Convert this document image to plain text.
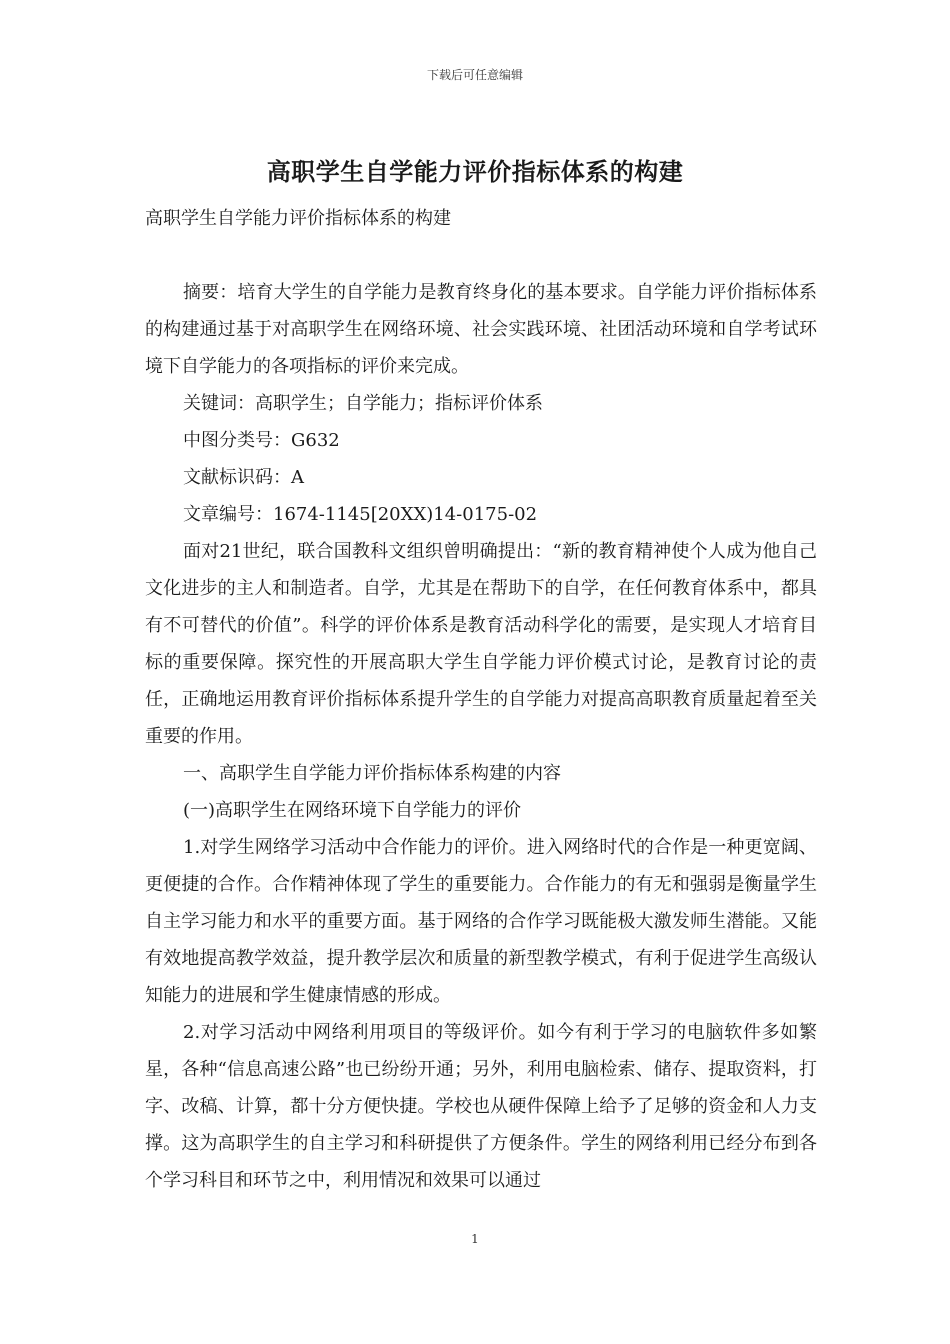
下载后可任意编辑
高职学生自学能力评价指标体系的构建

高职学生自学能力评价指标体系的构建

摘要：培育大学生的自学能力是教育终身化的基本要求。自学能力评价指标体系的构建通过基于对高职学生在网络环境、社会实践环境、社团活动环境和自学考试环境下自学能力的各项指标的评价来完成。

关键词：高职学生；自学能力；指标评价体系

中图分类号：G632

文献标识码：A

文章编号：1674-1145[20XX)14-0175-02

面对21世纪，联合国教科文组织曾明确提出：“新的教育精神使个人成为他自己文化进步的主人和制造者。自学，尤其是在帮助下的自学，在任何教育体系中，都具有不可替代的价值”。科学的评价体系是教育活动科学化的需要，是实现人才培育目标的重要保障。探究性的开展高职大学生自学能力评价模式讨论，是教育讨论的责任，正确地运用教育评价指标体系提升学生的自学能力对提高高职教育质量起着至关重要的作用。

一、高职学生自学能力评价指标体系构建的内容

(一)高职学生在网络环境下自学能力的评价

1.对学生网络学习活动中合作能力的评价。进入网络时代的合作是一种更宽阔、更便捷的合作。合作精神体现了学生的重要能力。合作能力的有无和强弱是衡量学生自主学习能力和水平的重要方面。基于网络的合作学习既能极大激发师生潜能。又能有效地提高教学效益，提升教学层次和质量的新型教学模式，有利于促进学生高级认知能力的进展和学生健康情感的形成。

2.对学习活动中网络利用项目的等级评价。如今有利于学习的电脑软件多如繁星，各种“信息高速公路”也已纷纷开通；另外，利用电脑检索、储存、提取资料，打字、改稿、计算，都十分方便快捷。学校也从硬件保障上给予了足够的资金和人力支撑。这为高职学生的自主学习和科研提供了方便条件。学生的网络利用已经分布到各个学习科目和环节之中，利用情况和效果可以通过

1
